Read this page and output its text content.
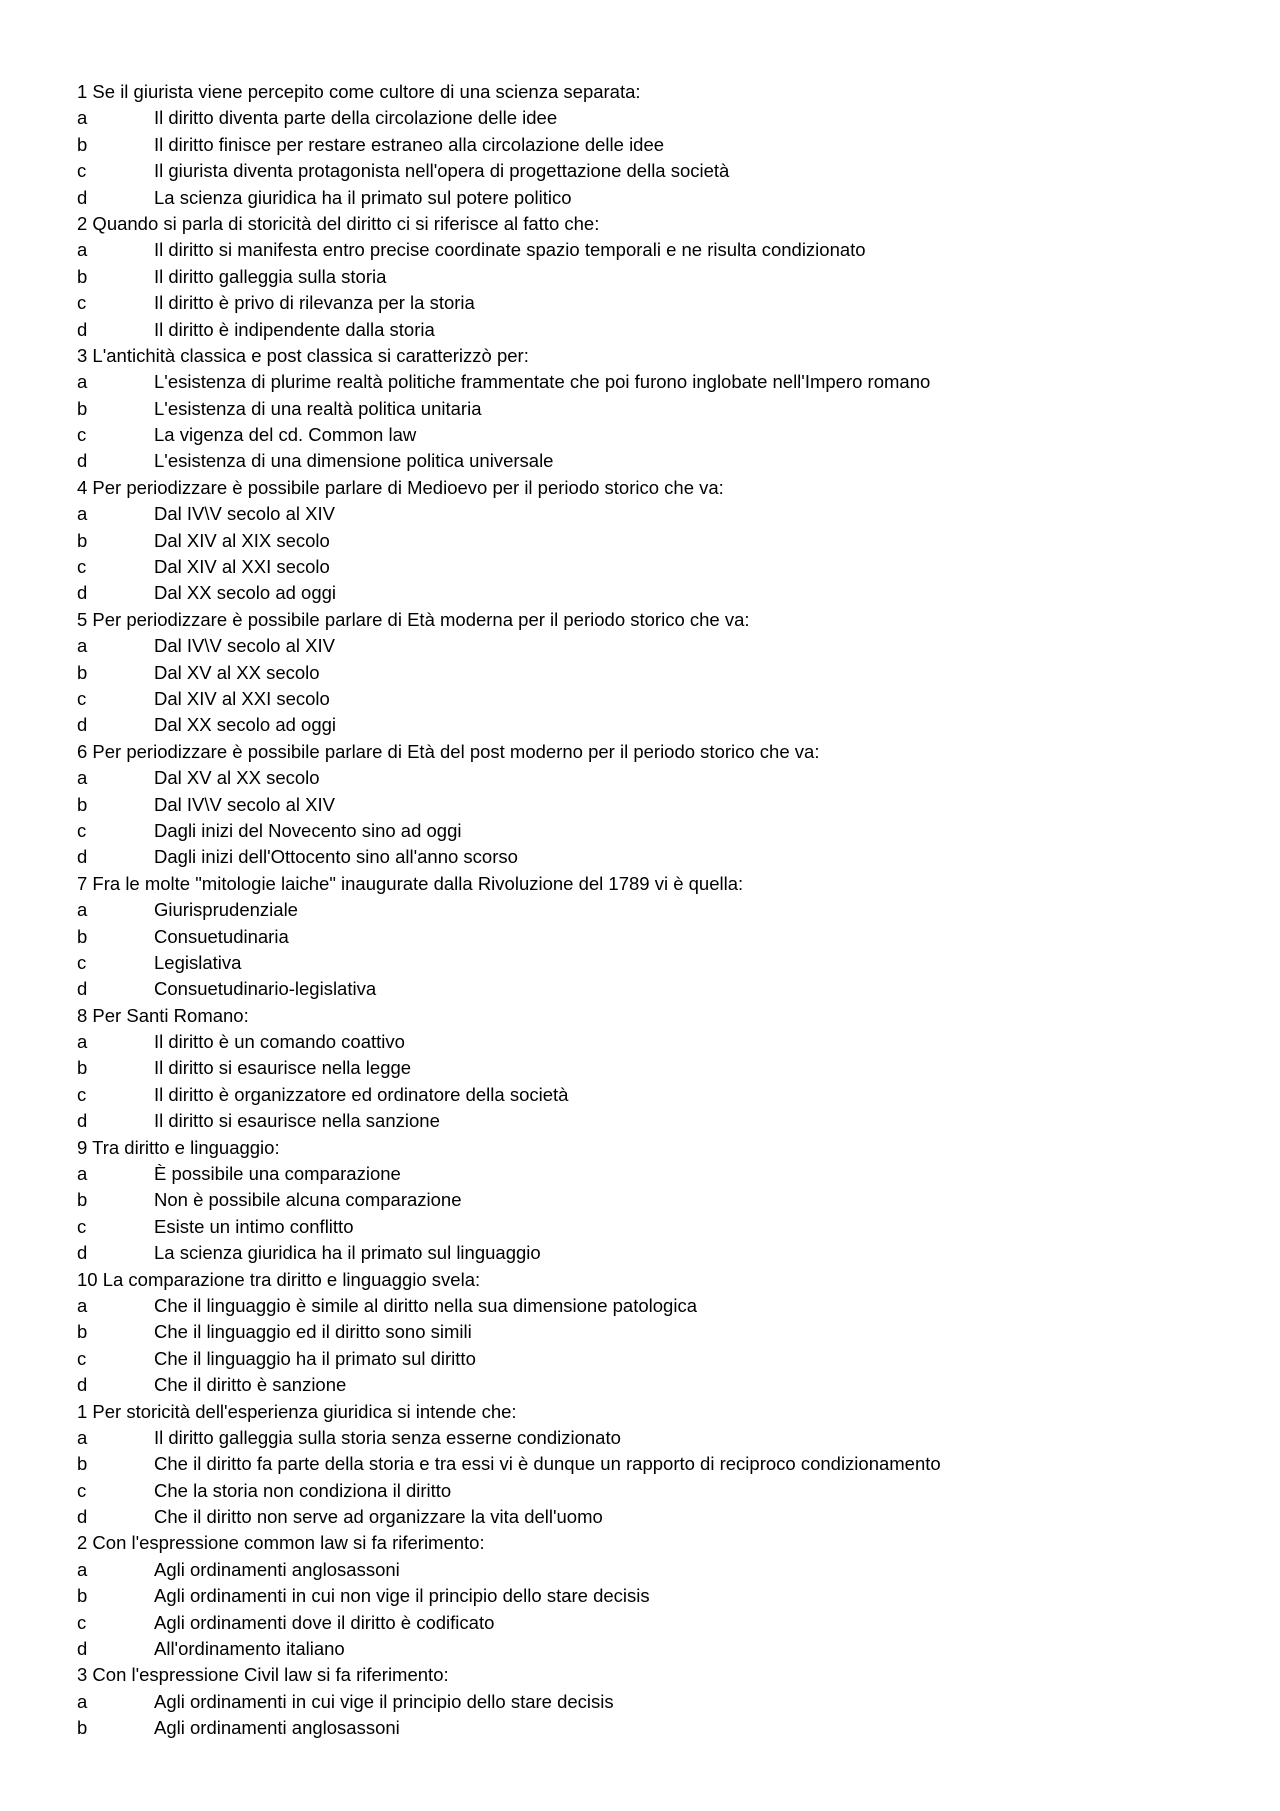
1 Se il giurista viene percepito come cultore di una scienza separata:
a	Il diritto diventa parte della circolazione delle idee
b	Il diritto finisce per restare estraneo alla circolazione delle idee
c	Il giurista diventa protagonista nell'opera di progettazione della società
d	La scienza giuridica ha il primato sul potere politico
2 Quando si parla di storicità del diritto ci si riferisce al fatto che:
a	Il diritto si manifesta entro precise coordinate spazio temporali e ne risulta condizionato
b	Il diritto galleggia sulla storia
c	Il diritto è privo di rilevanza per la storia
d	Il diritto è indipendente dalla storia
3 L'antichità classica e post classica si caratterizzò per:
a	L'esistenza di plurime realtà politiche frammentate che poi furono inglobate nell'Impero romano
b	L'esistenza di una realtà politica unitaria
c	La vigenza del cd. Common law
d	L'esistenza di una dimensione politica universale
4 Per periodizzare è possibile parlare di Medioevo per il periodo storico che va:
a	Dal IV\V secolo al XIV
b	Dal XIV al XIX secolo
c	Dal XIV al XXI secolo
d	Dal XX secolo ad oggi
5 Per periodizzare è possibile parlare di Età moderna per il periodo storico che va:
a	Dal IV\V secolo al XIV
b	Dal XV al XX secolo
c	Dal XIV al XXI secolo
d	Dal XX secolo ad oggi
6 Per periodizzare è possibile parlare di Età del post moderno per il periodo storico che va:
a	Dal XV al XX secolo
b	Dal IV\V secolo al XIV
c	Dagli inizi del Novecento sino ad oggi
d	Dagli inizi dell'Ottocento sino all'anno scorso
7 Fra le molte "mitologie laiche" inaugurate dalla Rivoluzione del 1789 vi è quella:
a	Giurisprudenziale
b	Consuetudinaria
c	Legislativa
d	Consuetudinario-legislativa
8 Per Santi Romano:
a	Il diritto è un comando coattivo
b	Il diritto si esaurisce nella legge
c	Il diritto è organizzatore ed ordinatore della società
d	Il diritto si esaurisce nella sanzione
9 Tra diritto e linguaggio:
a	È possibile una comparazione
b	Non è possibile alcuna comparazione
c	Esiste un intimo conflitto
d	La scienza giuridica ha il primato sul linguaggio
10 La comparazione tra diritto e linguaggio svela:
a	Che il linguaggio è simile al diritto nella sua dimensione patologica
b	Che il linguaggio ed il diritto sono simili
c	Che il linguaggio ha il primato sul diritto
d	Che il diritto è sanzione
1 Per storicità dell'esperienza giuridica si intende che:
a	Il diritto galleggia sulla storia senza esserne condizionato
b	Che il diritto fa parte della storia e tra essi vi è dunque un rapporto di reciproco condizionamento
c	Che la storia non condiziona il diritto
d	Che il diritto non serve ad organizzare la vita dell'uomo
2 Con l'espressione common law si fa riferimento:
a	Agli ordinamenti anglosassoni
b	Agli ordinamenti in cui non vige il principio dello stare decisis
c	Agli ordinamenti dove il diritto è codificato
d	All'ordinamento italiano
3 Con l'espressione Civil law si fa riferimento:
a	Agli ordinamenti in cui vige il principio dello stare decisis
b	Agli ordinamenti anglosassoni
